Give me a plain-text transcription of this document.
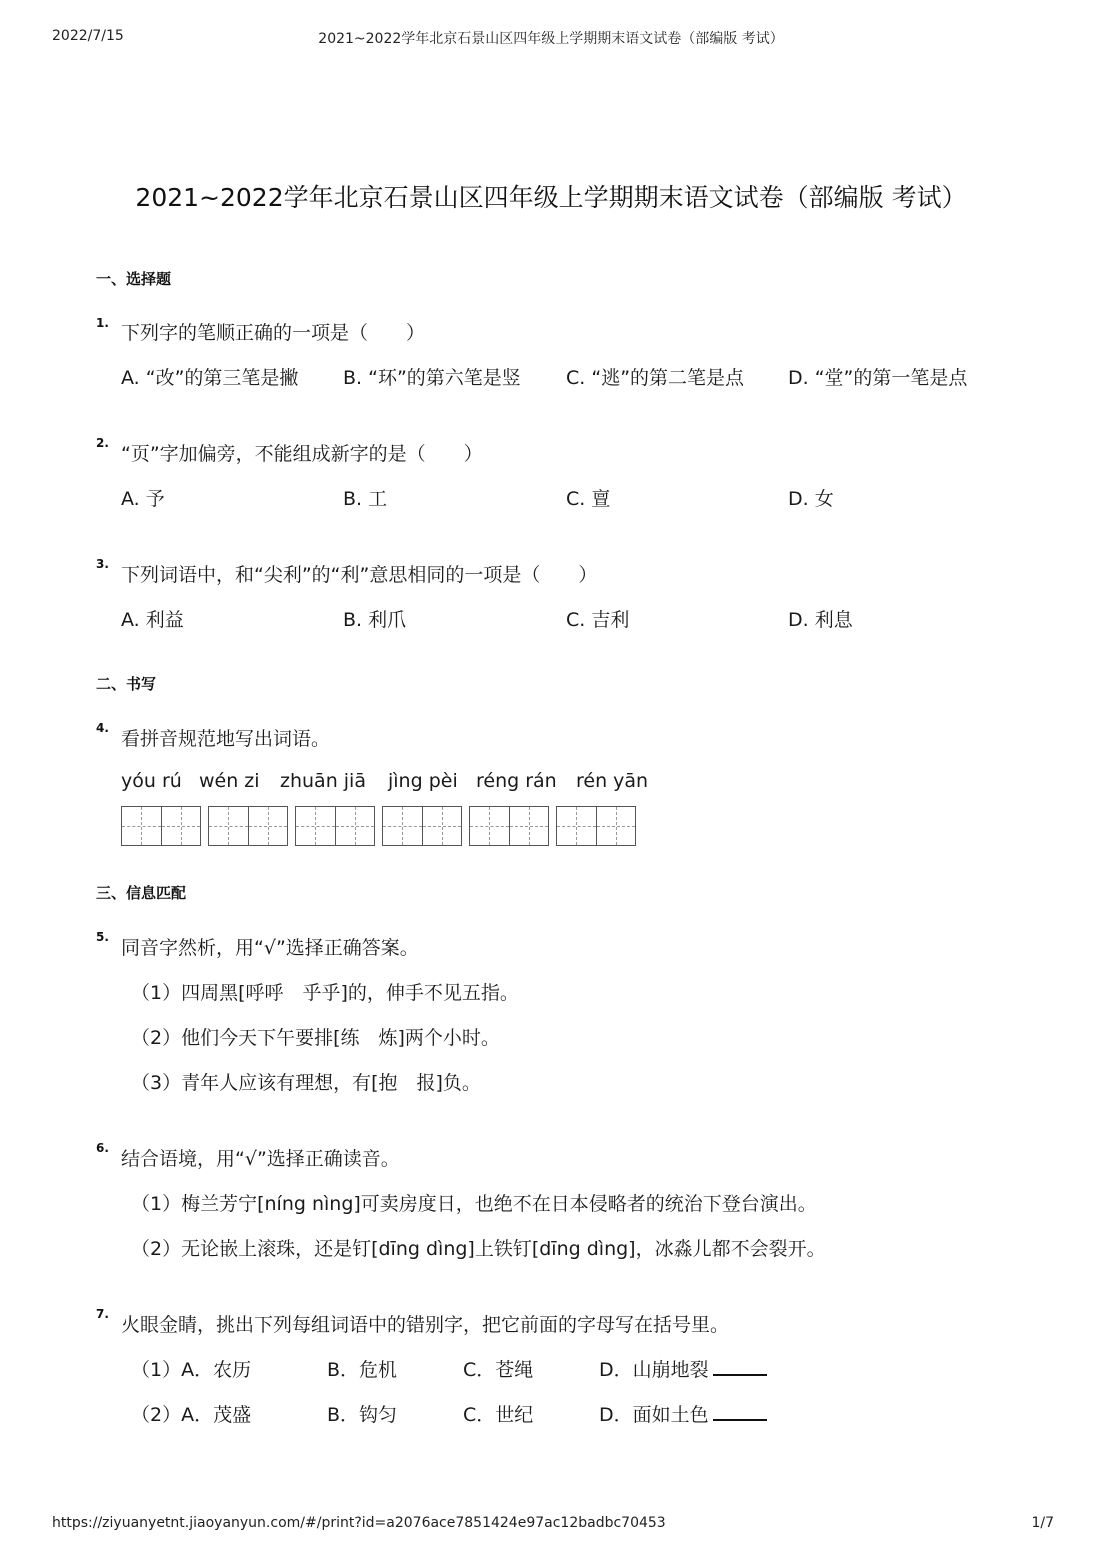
2022/7/15	2021~2022学年北京石景山区四年级上学期期末语文试卷（部编版 考试）
2021~2022学年北京石景山区四年级上学期期末语文试卷（部编版 考试）
一、选择题
1. 下列字的笔顺正确的一项是（　　）
A. “改”的第三笔是撇 B. “环”的第六笔是竖 C. “逃”的第二笔是点 D. “堂”的第一笔是点
2. “页”字加偏旁，不能组成新字的是（　　）
A. 予	B. 工	C. 亶	D. 女
3. 下列词语中，和“尖利”的“利”意思相同的一项是（　　）
A. 利益	B. 利爪	C. 吉利	D. 利息
二、书写
4. 看拼音规范地写出词语。
yóu rú wén zi zhuān jiā jìng pèi réng rán rén yān
三、信息匹配
5. 同音字然析，用“√”选择正确答案。
（1）四周黑[呼呼　乎乎]的，伸手不见五指。
（2）他们今天下午要排[练　炼]两个小时。
（3）青年人应该有理想，有[抱　报]负。
6. 结合语境，用“√”选择正确读音。
（1）梅兰芳宁[níng nìng]可卖房度日，也绝不在日本侵略者的统治下登台演出。
（2）无论嵌上滚珠，还是钉[dīng dìng]上铁钉[dīng dìng]，冰淼儿都不会裂开。
7. 火眼金睛，挑出下列每组词语中的错别字，把它前面的字母写在括号里。
（1）A．农历	B．危机	C．苍绳	D．山崩地裂
（2）A．茂盛	B．钩匀	C．世纪	D．面如土色
https://ziyuanyetnt.jiaoyanyun.com/#/print?id=a2076ace7851424e97ac12badbc70453	1/7
